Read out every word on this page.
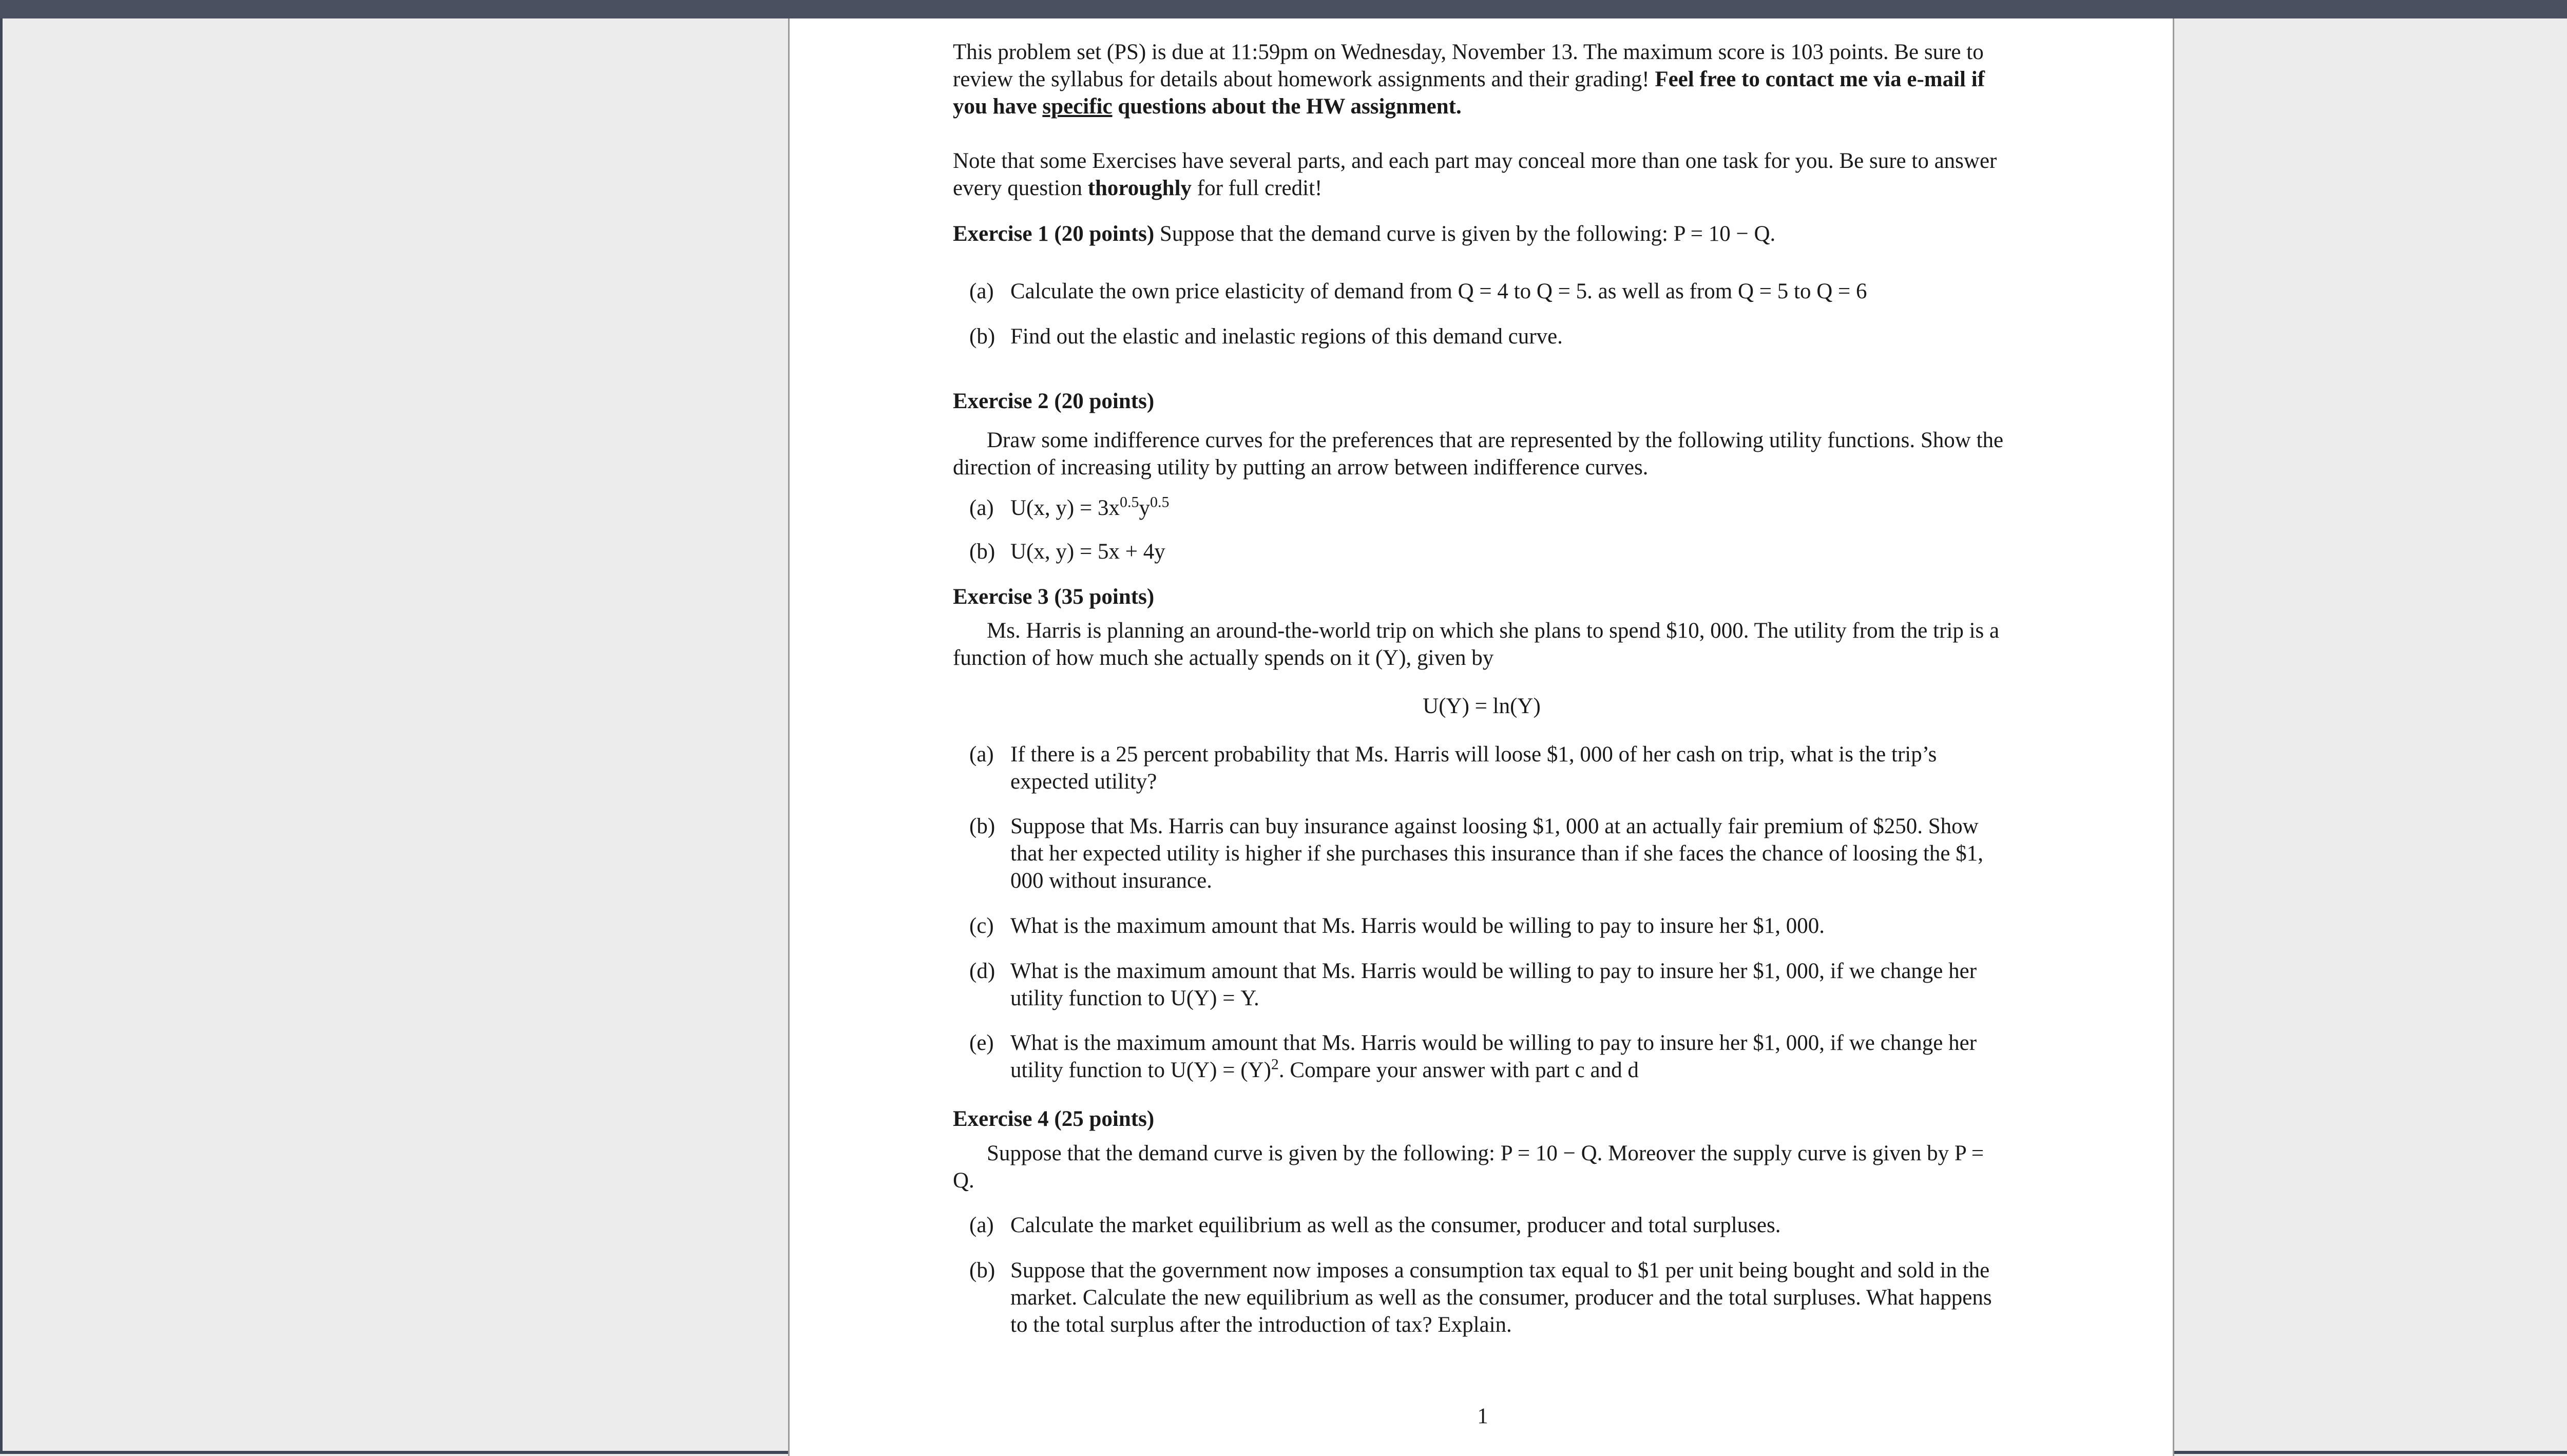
This problem set (PS) is due at 11:59pm on Wednesday, November 13. The maximum score is 103 points. Be sure to review the syllabus for details about homework assignments and their grading! Feel free to contact me via e-mail if you have specific questions about the HW assignment.

Note that some Exercises have several parts, and each part may conceal more than one task for you. Be sure to answer every question thoroughly for full credit!

Exercise 1 (20 points) Suppose that the demand curve is given by the following: P = 10 − Q.

(a) Calculate the own price elasticity of demand from Q = 4 to Q = 5. as well as from Q = 5 to Q = 6
(b) Find out the elastic and inelastic regions of this demand curve.

Exercise 2 (20 points)

Draw some indifference curves for the preferences that are represented by the following utility functions. Show the direction of increasing utility by putting an arrow between indifference curves.

(a) U(x, $y) = 3x^{0.5}y^{0.5}$
(b) U(x, y) = 5x + 4y

Exercise 3 (35 points)

Ms. Harris is planning an around-the-world trip on which she plans to spend $10, 000. The utility from the trip is a function of how much she actually spends on it (Υ), given by

U(Υ) = ln(Υ)

(a) If there is a 25 percent probability that Ms. Harris will loose $1, 000 of her cash on trip, what is the trip’s expected utility?
(b) Suppose that Ms. Harris can buy insurance against loosing $1, 000 at an actually fair premium of $250. Show that her expected utility is higher if she purchases this insurance than if she faces the chance of loosing the $1, 000 without insurance.
(c) What is the maximum amount that Ms. Harris would be willing to pay to insure her $1, 000.
(d) What is the maximum amount that Ms. Harris would be willing to pay to insure her $1, 000, if we change her utility function to U(Υ) = Υ.
(e) What is the maximum amount that Ms. Harris would be willing to pay to insure her $1, 000, if we change her utility function to $U(\Upsilon) = (\Upsilon)^2$. Compare your answer with part c and d

Exercise 4 (25 points)

Suppose that the demand curve is given by the following: P = 10 − Q. Moreover the supply curve is given by P = Q.

(a) Calculate the market equilibrium as well as the consumer, producer and total surpluses.
(b) Suppose that the government now imposes a consumption tax equal to $1 per unit being bought and sold in the market. Calculate the new equilibrium as well as the consumer, producer and the total surpluses. What happens to the total surplus after the introduction of tax? Explain.
1
